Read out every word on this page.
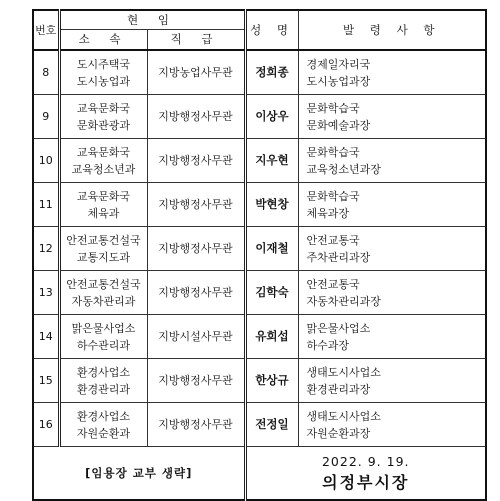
번호	현 임		성 명	발 령 사 항
	소 속	직 급		
8	도시주택국
도시농업과	지방농업사무관	정희종	경제일자리국
도시농업과장

9	교육문화국
문화관광과	지방행정사무관	이상우	문화학습국
문화예술과장

10	교육문화국
교육청소년과	지방행정사무관	지우현	문화학습국
교육청소년과장

11	교육문화국
체육과	지방행정사무관	박현창	문화학습국
체육과장

12	안전교통건설국
교통지도과	지방행정사무관	이재철	안전교통국
주차관리과장

13	안전교통건설국
자동차관리과	지방행정사무관	김학숙	안전교통국
자동차관리과장

14	맑은물사업소
하수관리과	지방시설사무관	유희섭	맑은물사업소
하수과장

15	환경사업소
환경관리과	지방행정사무관	한상규	생태도시사업소
환경관리과장

16	환경사업소
자원순환과	지방행정사무관	전정일	생태도시사업소
자원순환과장

[임용장 교부 생략]			2022. 9. 19.
의정부시장	
